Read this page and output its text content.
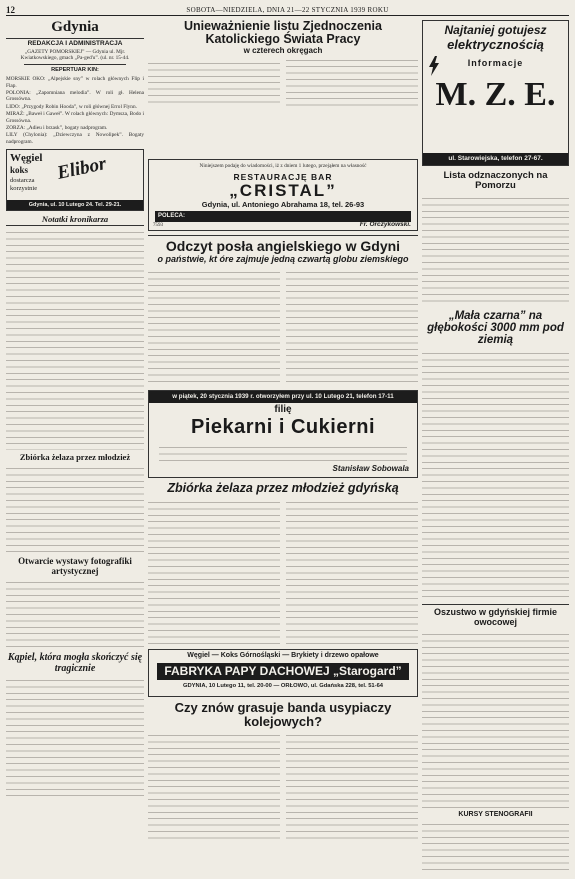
12	SOBOTA—NIEDZIELA, DNIA 21—22 STYCZNIA 1939 ROKU
Gdynia
REDAKCJA I ADMINISTRACJA
„GAZETY POMORSKIEJ” — Gdynia ul. Mjr. Kwiatkowskiego, gmach „Pa-ged'u”. (ul. nr. 15-44.
REPERTUAR KIN:
MORSKIE OKO: „Alpejskie sny” w rolach głównych Flip i Flap.
POLONIA: „Zapomniana melodia”. W roli gł. Helena Grossówna.
LIDO: „Przygody Robin Hooda”, w roli głównej Errol Flynn.
MIRAŻ: „Baweł i Gaweł”. W rolach głównych: Dymsza, Bodo i Grossówna.
ZORZA: „Adieu i brzask”, bogaty nadprogram.
LILY (Chylonia): „Dziewczyna z Nowolipek”. Bogaty nadprogram.
Węgiel
koks
dostarcza
korzystnie
Elibor
Gdynia, ul. 10 Lutego 24. Tel. 29-21.
Notatki kronikarza
Zbiórka żelaza przez młodzież
Otwarcie wystawy fotografiki artystycznej
Kąpiel, która mogła skończyć się tragicznie
Unieważnienie listu Zjednoczenia Katolickiego Świata Pracy
w czterech okręgach
Niniejszem podaję do wiadomości, iż z dniem 1 lutego, przejąłem na własność
RESTAURACJĘ BAR
„CRISTAL”
Gdynia, ul. Antoniego Abrahama 18, tel. 26-93
POLECA:
7593	Fr. Orczykowski.
Odczyt posła angielskiego w Gdyni
o państwie, kt óre zajmuje jedną czwartą globu ziemskiego
w piątek, 20 stycznia 1939 r. otworzyłem przy ul. 10 Lutego 21, telefon 17-11
filię
Piekarni i Cukierni
Stanisław Sobowala
Zbiórka żelaza przez młodzież gdyńską
Węgiel — Koks Górnośląski — Brykiety i drzewo opałowe
FABRYKA PAPY DACHOWEJ „Starogard”
GDYNIA, 10 Lutego 11, tel. 20-00 — ORŁOWO, ul. Gdańska 228, tel. 51-64
Czy znów grasuje banda usypiaczy kolejowych?
Najtaniej gotujesz
elektrycznością
Informacje
M. Z. E.
ul. Starowiejska, telefon 27-67.
Lista odznaczonych na Pomorzu
„Mała czarna” na głębokości 3000 mm pod ziemią
Oszustwo w gdyńskiej firmie owocowej
KURSY STENOGRAFII
